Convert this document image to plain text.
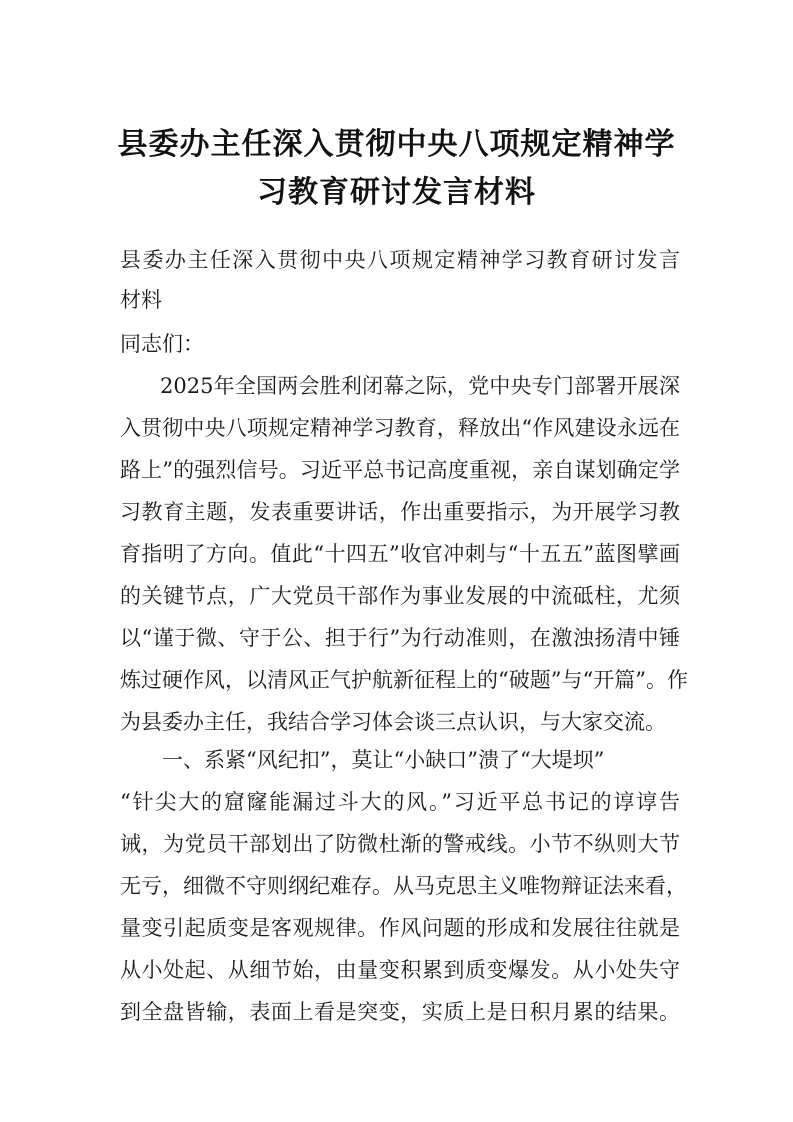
县委办主任深入贯彻中央八项规定精神学
习教育研讨发言材料
县委办主任深入贯彻中央八项规定精神学习教育研讨发言
材料
同志们：
2025年全国两会胜利闭幕之际，党中央专门部署开展深
入贯彻中央八项规定精神学习教育，释放出“作风建设永远在
路上”的强烈信号。习近平总书记高度重视，亲自谋划确定学
习教育主题，发表重要讲话，作出重要指示，为开展学习教
育指明了方向。值此“十四五”收官冲刺与“十五五”蓝图擘画
的关键节点，广大党员干部作为事业发展的中流砥柱，尤须
以“谨于微、守于公、担于行”为行动准则，在激浊扬清中锤
炼过硬作风，以清风正气护航新征程上的“破题”与“开篇”。作
为县委办主任，我结合学习体会谈三点认识，与大家交流。
一、系紧“风纪扣”，莫让“小缺口”溃了“大堤坝”
“针尖大的窟窿能漏过斗大的风。”习近平总书记的谆谆告
诫，为党员干部划出了防微杜渐的警戒线。小节不纵则大节
无亏，细微不守则纲纪难存。从马克思主义唯物辩证法来看，
量变引起质变是客观规律。作风问题的形成和发展往往就是
从小处起、从细节始，由量变积累到质变爆发。从小处失守
到全盘皆输，表面上看是突变，实质上是日积月累的结果。
